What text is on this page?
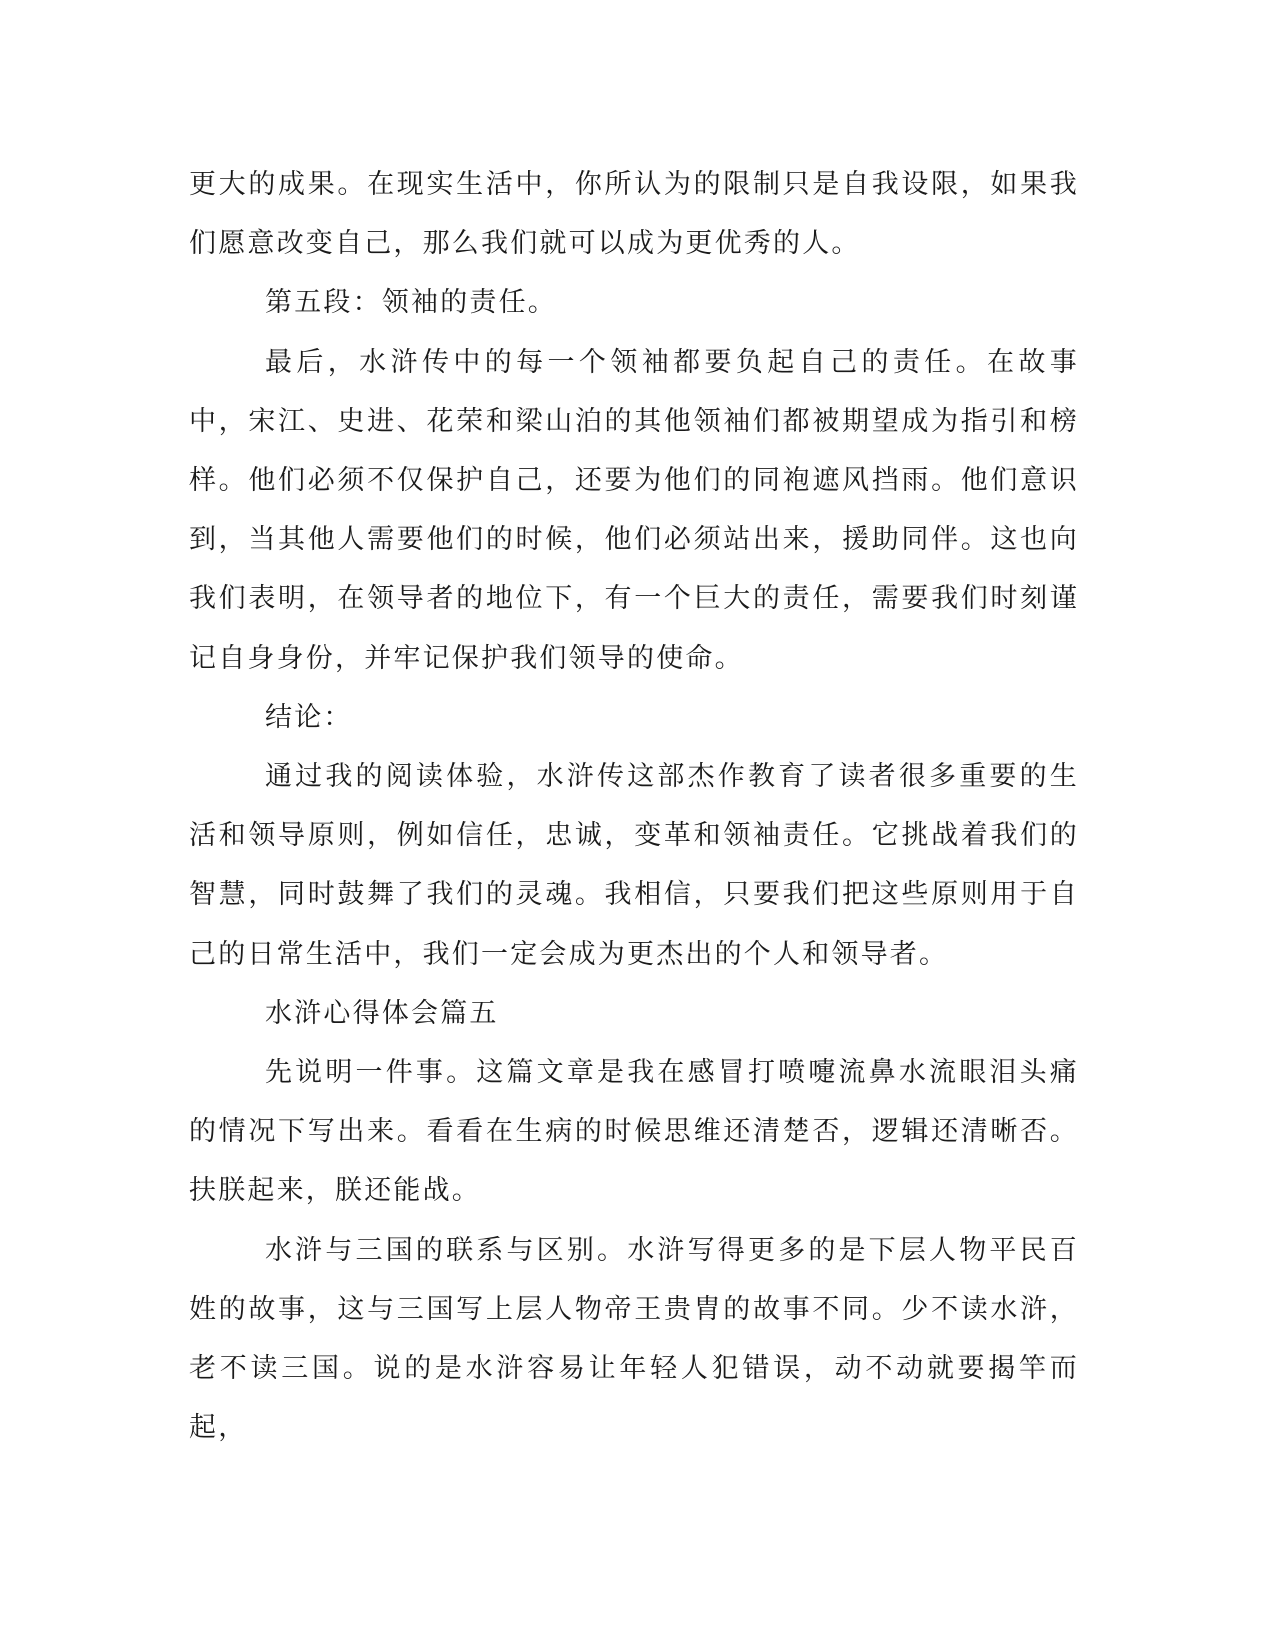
更大的成果。在现实生活中，你所认为的限制只是自我设限，如果我们愿意改变自己，那么我们就可以成为更优秀的人。

第五段：领袖的责任。

最后，水浒传中的每一个领袖都要负起自己的责任。在故事中，宋江、史进、花荣和梁山泊的其他领袖们都被期望成为指引和榜样。他们必须不仅保护自己，还要为他们的同袍遮风挡雨。他们意识到，当其他人需要他们的时候，他们必须站出来，援助同伴。这也向我们表明，在领导者的地位下，有一个巨大的责任，需要我们时刻谨记自身身份，并牢记保护我们领导的使命。

结论：

通过我的阅读体验，水浒传这部杰作教育了读者很多重要的生活和领导原则，例如信任，忠诚，变革和领袖责任。它挑战着我们的智慧，同时鼓舞了我们的灵魂。我相信，只要我们把这些原则用于自己的日常生活中，我们一定会成为更杰出的个人和领导者。

水浒心得体会篇五

先说明一件事。这篇文章是我在感冒打喷嚏流鼻水流眼泪头痛的情况下写出来。看看在生病的时候思维还清楚否，逻辑还清晰否。扶朕起来，朕还能战。

水浒与三国的联系与区别。水浒写得更多的是下层人物平民百姓的故事，这与三国写上层人物帝王贵胄的故事不同。少不读水浒，老不读三国。说的是水浒容易让年轻人犯错误，动不动就要揭竿而起，
